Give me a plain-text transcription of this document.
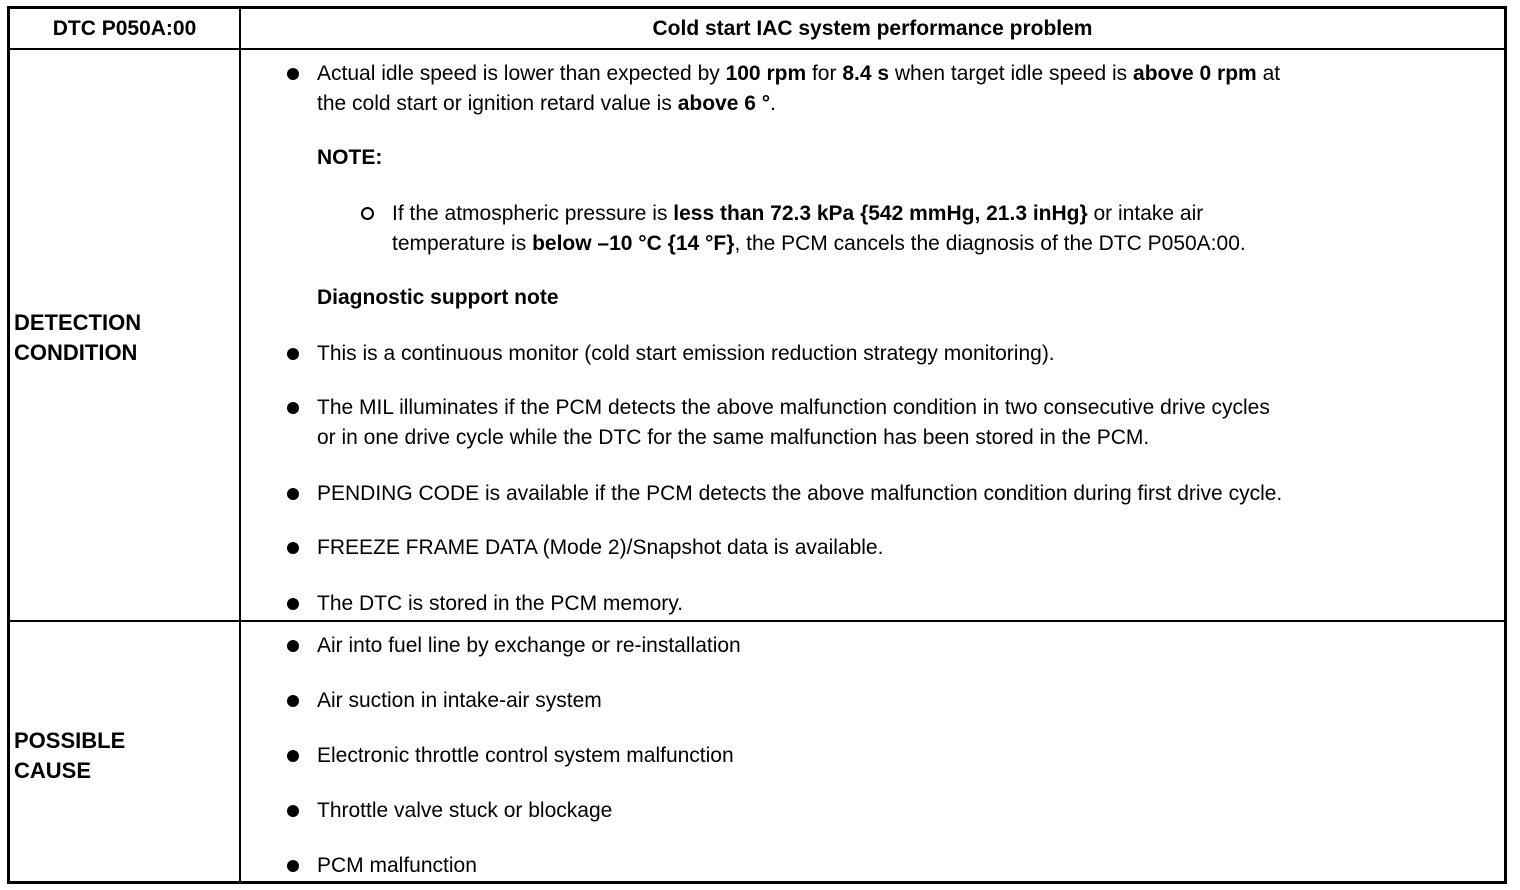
DTC P050A:00	Cold start IAC system performance problem
DETECTION
CONDITION
Actual idle speed is lower than expected by 100 rpm for 8.4 s when target idle speed is above 0 rpm at
the cold start or ignition retard value is above 6 °.
NOTE:
If the atmospheric pressure is less than 72.3 kPa {542 mmHg, 21.3 inHg} or intake air
temperature is below –10 °C {14 °F}, the PCM cancels the diagnosis of the DTC P050A:00.
Diagnostic support note
This is a continuous monitor (cold start emission reduction strategy monitoring).
The MIL illuminates if the PCM detects the above malfunction condition in two consecutive drive cycles
or in one drive cycle while the DTC for the same malfunction has been stored in the PCM.
PENDING CODE is available if the PCM detects the above malfunction condition during first drive cycle.
FREEZE FRAME DATA (Mode 2)/Snapshot data is available.
The DTC is stored in the PCM memory.
POSSIBLE
CAUSE
Air into fuel line by exchange or re-installation
Air suction in intake-air system
Electronic throttle control system malfunction
Throttle valve stuck or blockage
PCM malfunction
